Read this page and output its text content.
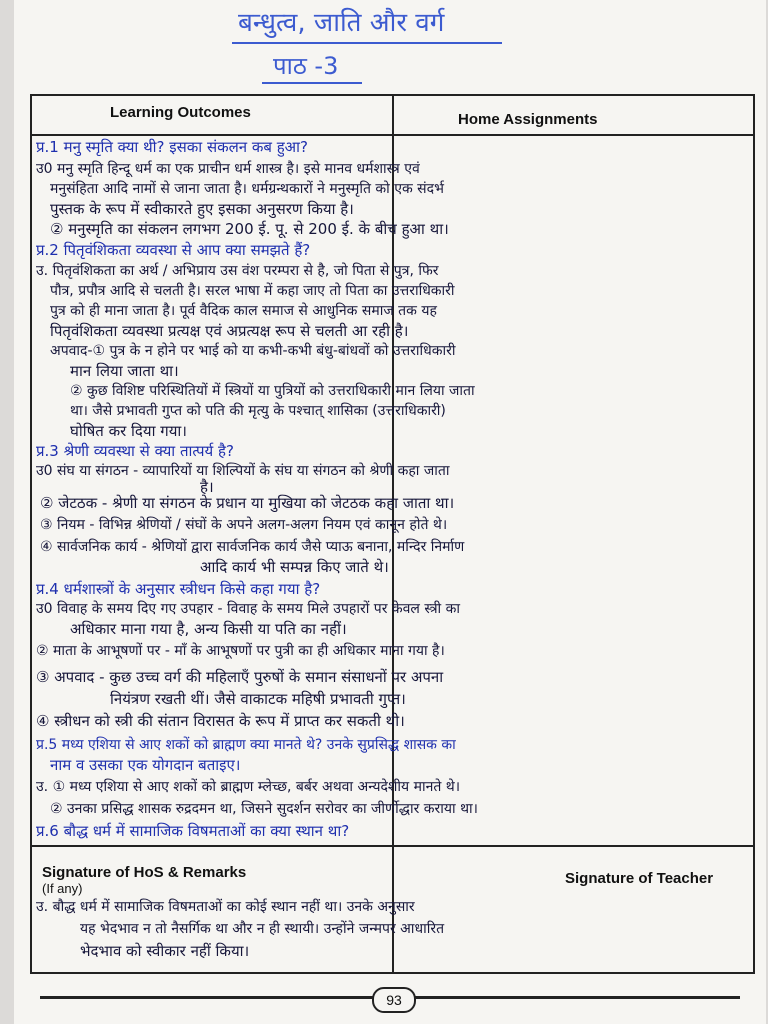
बन्धुत्व, जाति और वर्ग
पाठ -3
Learning Outcomes	Home Assignments
Signature of HoS & Remarks
(If any)
Signature of Teacher
प्र.1 मनु स्मृति क्या थी? इसका संकलन कब हुआ?
उ0 मनु स्मृति हिन्दू धर्म का एक प्राचीन धर्म शास्त्र है। इसे मानव धर्मशास्त्र एवं
मनुसंहिता आदि नामों से जाना जाता है। धर्मग्रन्थकारों ने मनुस्मृति को एक संदर्भ
पुस्तक के रूप में स्वीकारते हुए इसका अनुसरण किया है।
② मनुस्मृति का संकलन लगभग 200 ई. पू. से 200 ई. के बीच हुआ था।
प्र.2 पितृवंशिकता व्यवस्था से आप क्या समझते हैं?
उ. पितृवंशिकता का अर्थ / अभिप्राय उस वंश परम्परा से है, जो पिता से पुत्र, फिर
पौत्र, प्रपौत्र आदि से चलती है। सरल भाषा में कहा जाए तो पिता का उत्तराधिकारी
पुत्र को ही माना जाता है। पूर्व वैदिक काल समाज से आधुनिक समाज तक यह
पितृवंशिकता व्यवस्था प्रत्यक्ष एवं अप्रत्यक्ष रूप से चलती आ रही है।
अपवाद-① पुत्र के न होने पर भाई को या कभी-कभी बंधु-बांधवों को उत्तराधिकारी
मान लिया जाता था।
② कुछ विशिष्ट परिस्थितियों में स्त्रियों या पुत्रियों को उत्तराधिकारी मान लिया जाता
था। जैसे प्रभावती गुप्त को पति की मृत्यु के पश्चात् शासिका (उत्तराधिकारी)
घोषित कर दिया गया।
प्र.3 श्रेणी व्यवस्था से क्या तात्पर्य है?
उ0 संघ या संगठन - व्यापारियों या शिल्पियों के संघ या संगठन को श्रेणी कहा जाता
है।
② जेटठक - श्रेणी या संगठन के प्रधान या मुखिया को जेटठक कहा जाता था।
③ नियम - विभिन्न श्रेणियों / संघों के अपने अलग-अलग नियम एवं कानून होते थे।
④ सार्वजनिक कार्य - श्रेणियों द्वारा सार्वजनिक कार्य जैसे प्याऊ बनाना, मन्दिर निर्माण
आदि कार्य भी सम्पन्न किए जाते थे।
प्र.4 धर्मशास्त्रों के अनुसार स्त्रीधन किसे कहा गया है?
उ0 विवाह के समय दिए गए उपहार - विवाह के समय मिले उपहारों पर केवल स्त्री का
अधिकार माना गया है, अन्य किसी या पति का नहीं।
② माता के आभूषणों पर - माँ के आभूषणों पर पुत्री का ही अधिकार माना गया है।
③ अपवाद - कुछ उच्च वर्ग की महिलाएँ पुरुषों के समान संसाधनों पर अपना
नियंत्रण रखती थीं। जैसे वाकाटक महिषी प्रभावती गुप्त।
④ स्त्रीधन को स्त्री की संतान विरासत के रूप में प्राप्त कर सकती थी।
प्र.5 मध्य एशिया से आए शकों को ब्राह्मण क्या मानते थे? उनके सुप्रसिद्ध शासक का
नाम व उसका एक योगदान बताइए।
उ. ① मध्य एशिया से आए शकों को ब्राह्मण म्लेच्छ, बर्बर अथवा अन्यदेशीय मानते थे।
② उनका प्रसिद्ध शासक रुद्रदमन था, जिसने सुदर्शन सरोवर का जीर्णोद्धार कराया था।
प्र.6 बौद्ध धर्म में सामाजिक विषमताओं का क्या स्थान था?
उ. बौद्ध धर्म में सामाजिक विषमताओं का कोई स्थान नहीं था। उनके अनुसार
यह भेदभाव न तो नैसर्गिक था और न ही स्थायी। उन्होंने जन्मपर आधारित
भेदभाव को स्वीकार नहीं किया।
93
